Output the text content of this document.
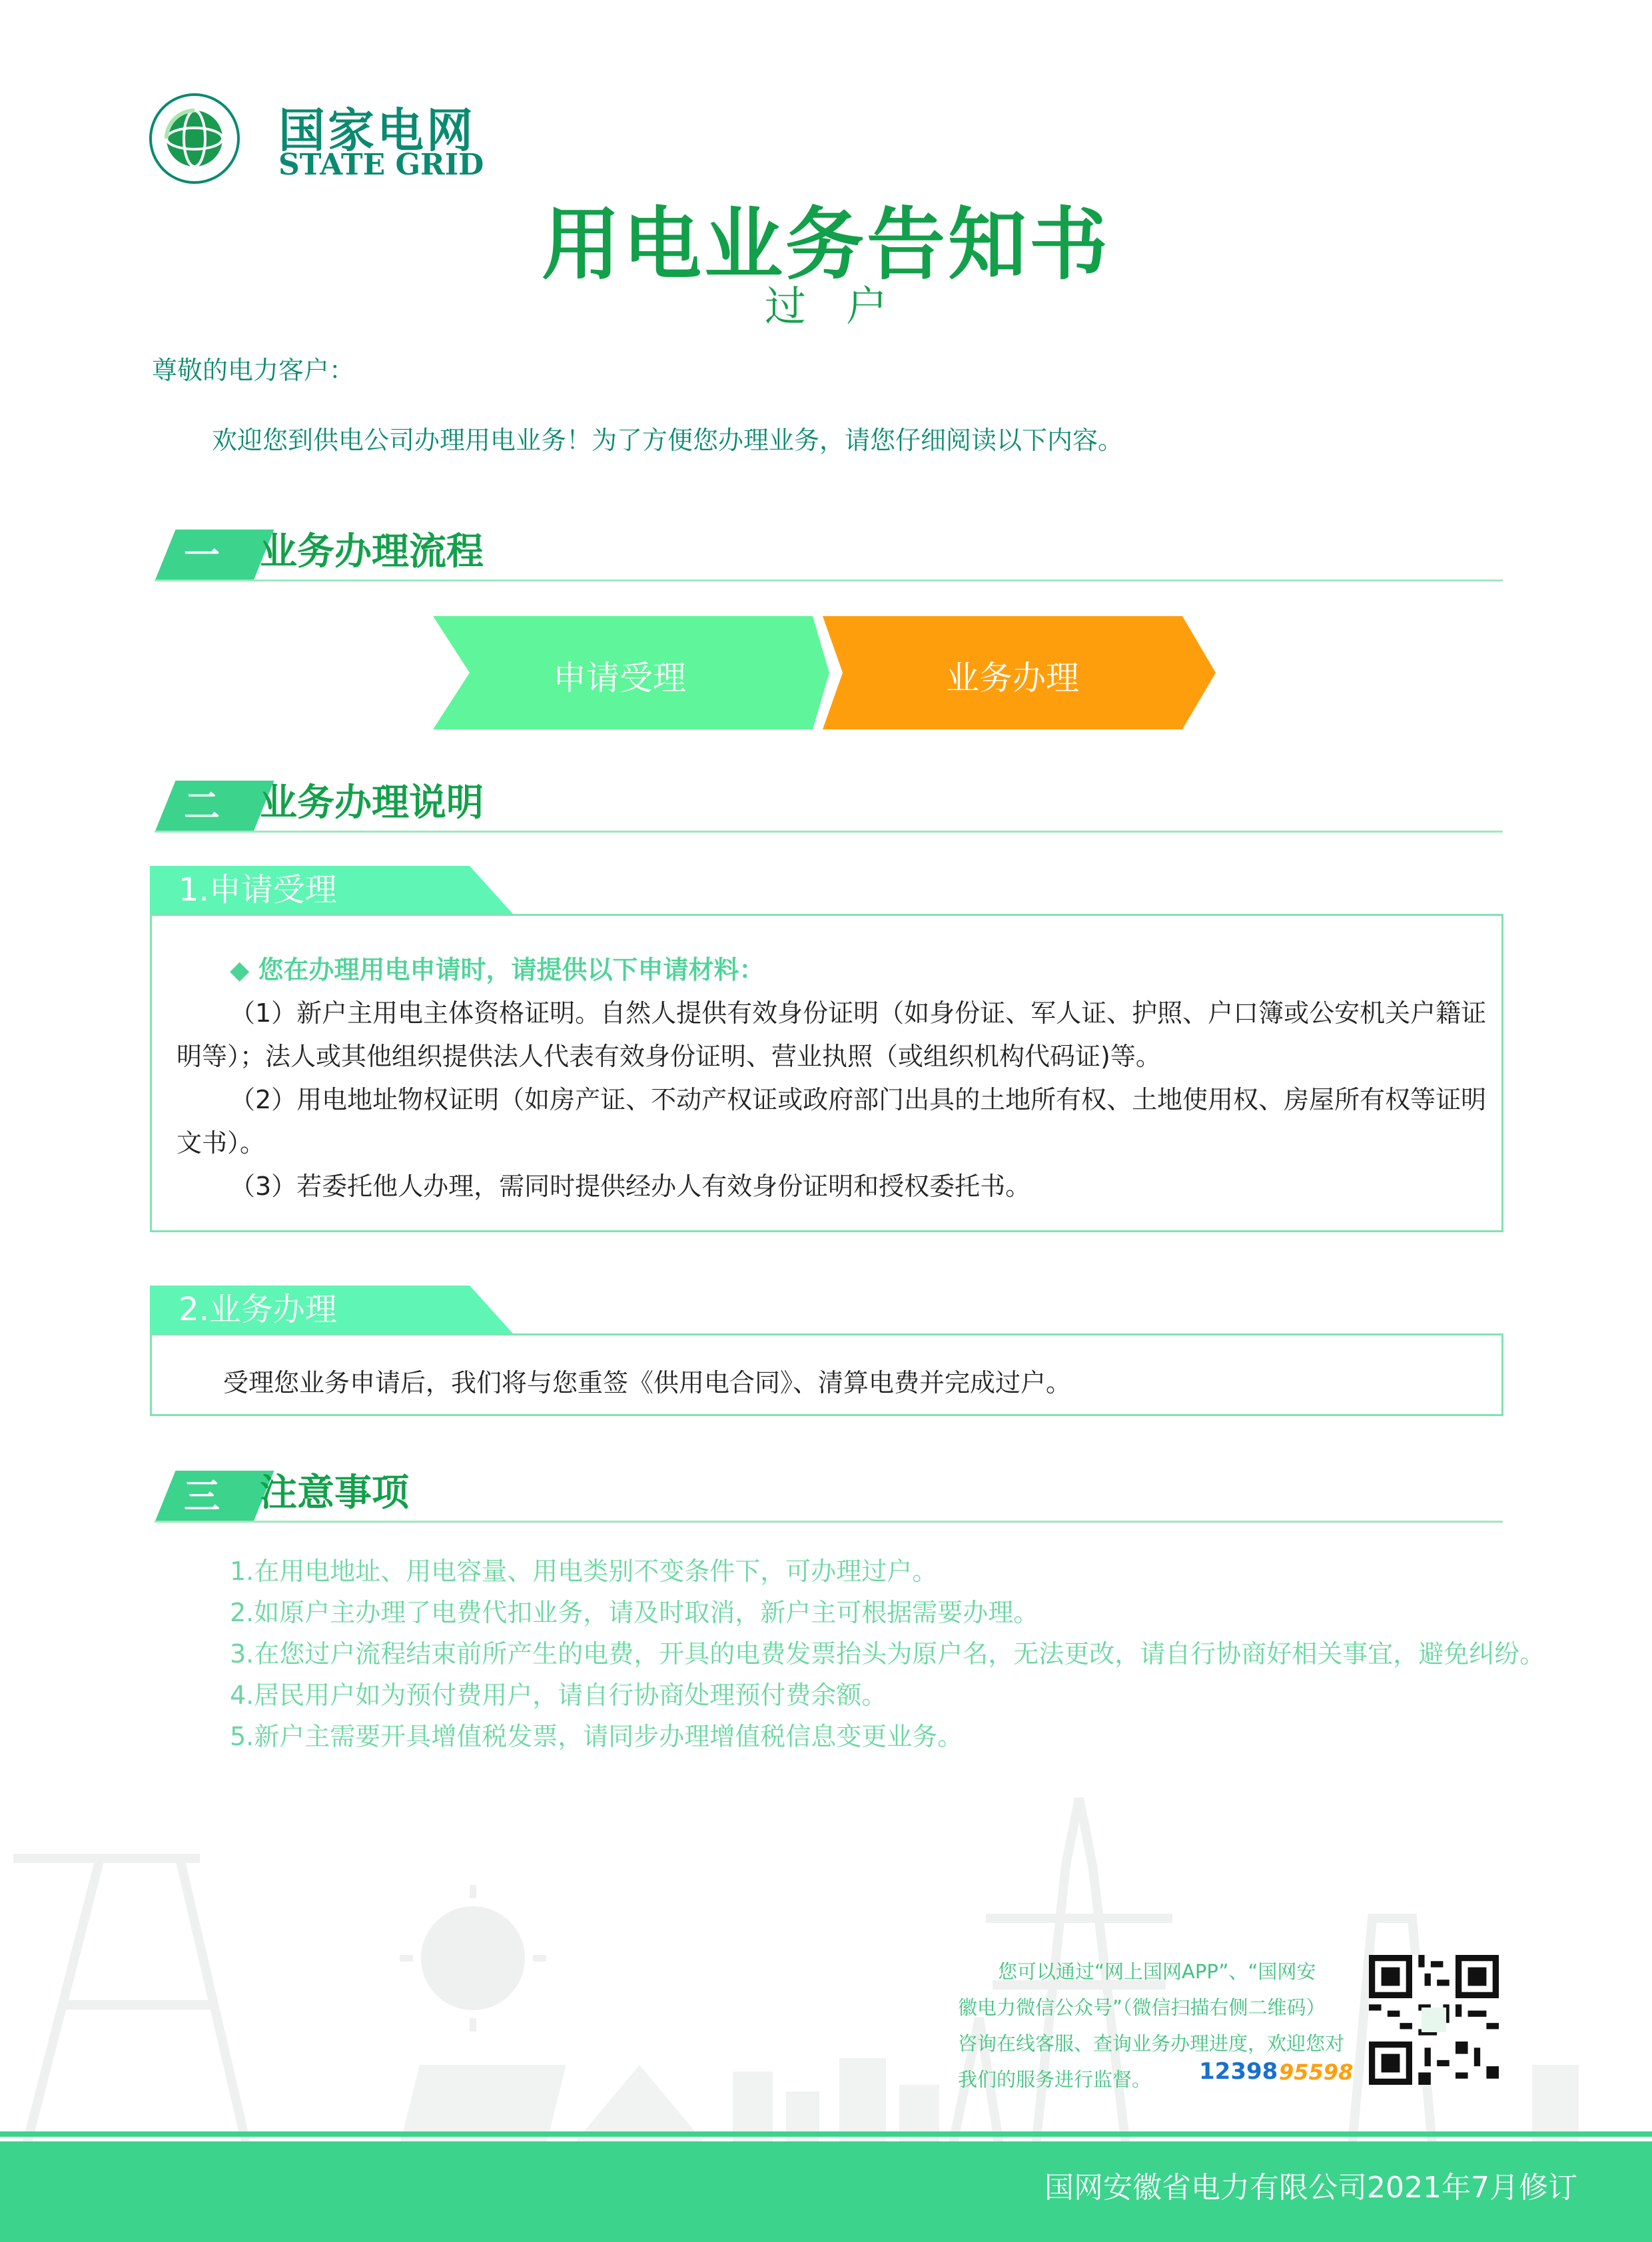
国家电网
STATE GRID
用电业务告知书
过户
尊敬的电力客户：
欢迎您到供电公司办理用电业务！为了方便您办理业务，请您仔细阅读以下内容。
一	业务办理流程
申请受理	业务办理
二	业务办理说明
1.申请受理
◆ 您在办理用电申请时，请提供以下申请材料：
（1）新户主用电主体资格证明。自然人提供有效身份证明（如身份证、军人证、护照、户口簿或公安机关户籍证
明等）；法人或其他组织提供法人代表有效身份证明、营业执照（或组织机构代码证)等。
（2）用电地址物权证明（如房产证、不动产权证或政府部门出具的土地所有权、土地使用权、房屋所有权等证明
文书）。
（3）若委托他人办理，需同时提供经办人有效身份证明和授权委托书。
2.业务办理
受理您业务申请后，我们将与您重签《供用电合同》、清算电费并完成过户。
三	注意事项
1.在用电地址、用电容量、用电类别不变条件下，可办理过户。
2.如原户主办理了电费代扣业务，请及时取消，新户主可根据需要办理。
3.在您过户流程结束前所产生的电费，开具的电费发票抬头为原户名，无法更改，请自行协商好相关事宜，避免纠纷。
4.居民用户如为预付费用户，请自行协商处理预付费余额。
5.新户主需要开具增值税发票，请同步办理增值税信息变更业务。
您可以通过“网上国网APP”、“国网安
徽电力微信公众号”（微信扫描右侧二维码）
咨询在线客服、查询业务办理进度，欢迎您对
我们的服务进行监督。 12398 95598
国网安徽省电力有限公司2021年7月修订
